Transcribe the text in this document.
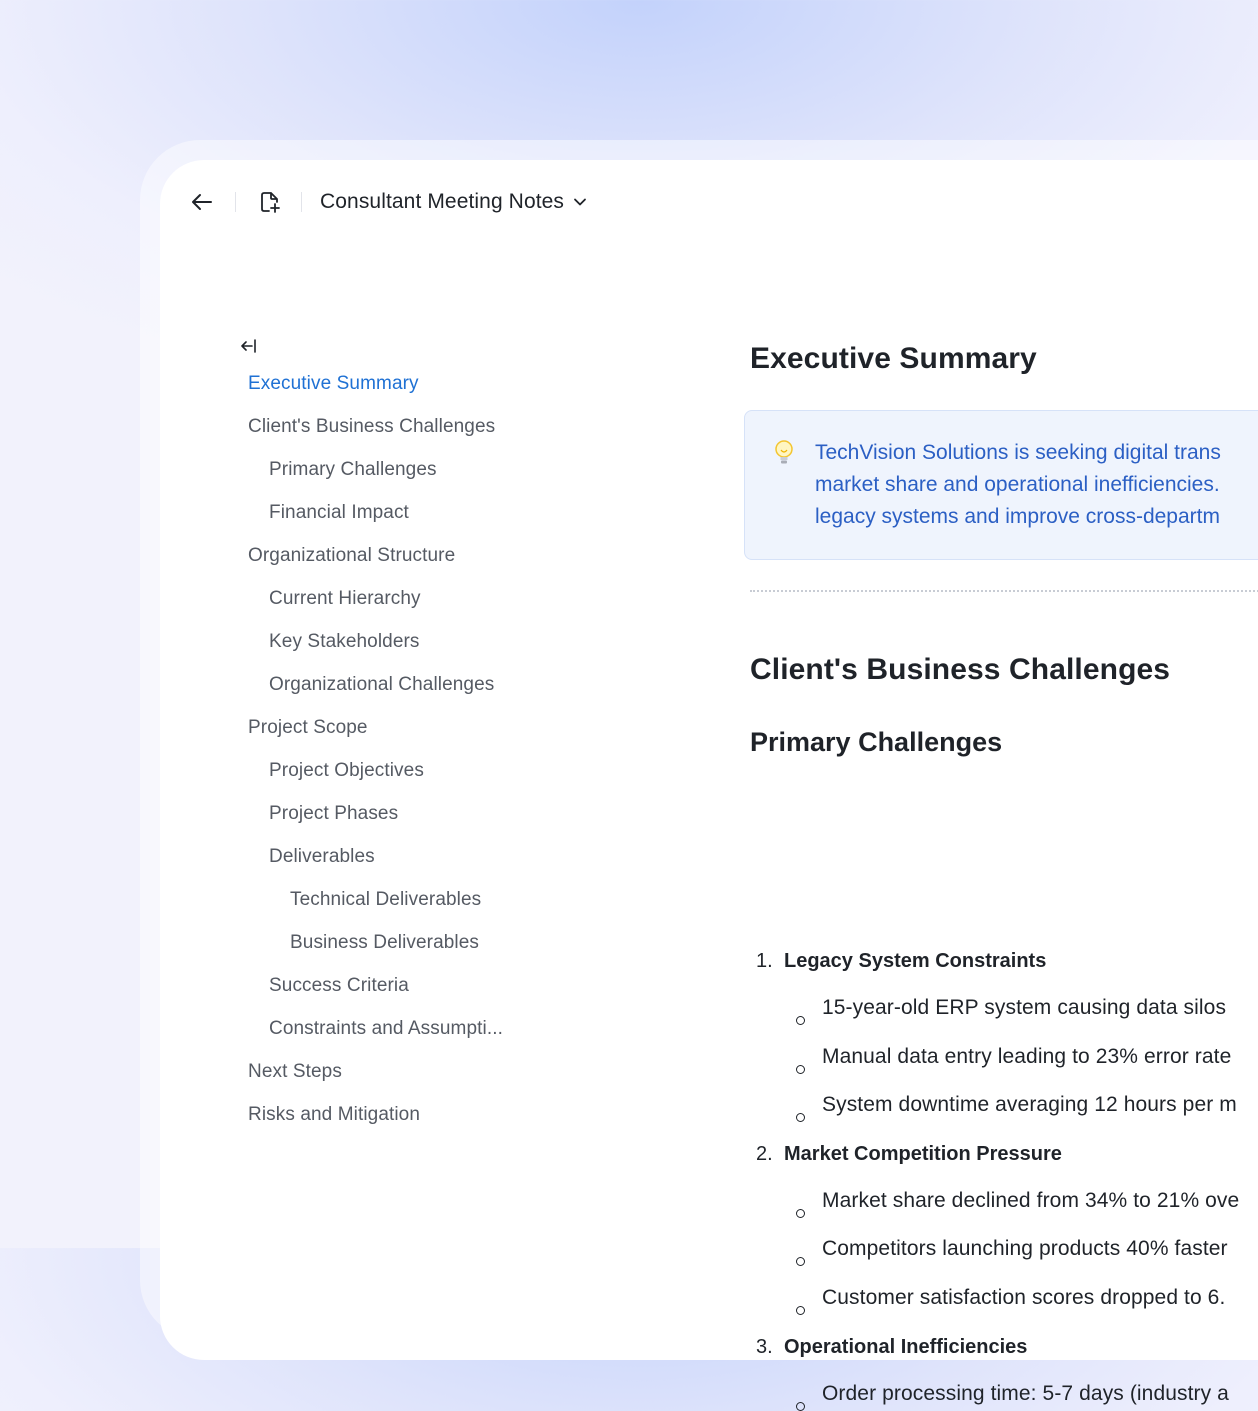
Consultant Meeting Notes
Executive Summary
Client's Business Challenges
Primary Challenges
Financial Impact
Organizational Structure
Current Hierarchy
Key Stakeholders
Organizational Challenges
Project Scope
Project Objectives
Project Phases
Deliverables
Technical Deliverables
Business Deliverables
Success Criteria
Constraints and Assumpti...
Next Steps
Risks and Mitigation
Executive Summary
TechVision Solutions is seeking digital trans
market share and operational inefficiencies.
legacy systems and improve cross-departm
Client's Business Challenges
Primary Challenges
1. Legacy System Constraints
15-year-old ERP system causing data silos
Manual data entry leading to 23% error rate
System downtime averaging 12 hours per m
2. Market Competition Pressure
Market share declined from 34% to 21% ove
Competitors launching products 40% faster
Customer satisfaction scores dropped to 6.
3. Operational Inefficiencies
Order processing time: 5-7 days (industry a
